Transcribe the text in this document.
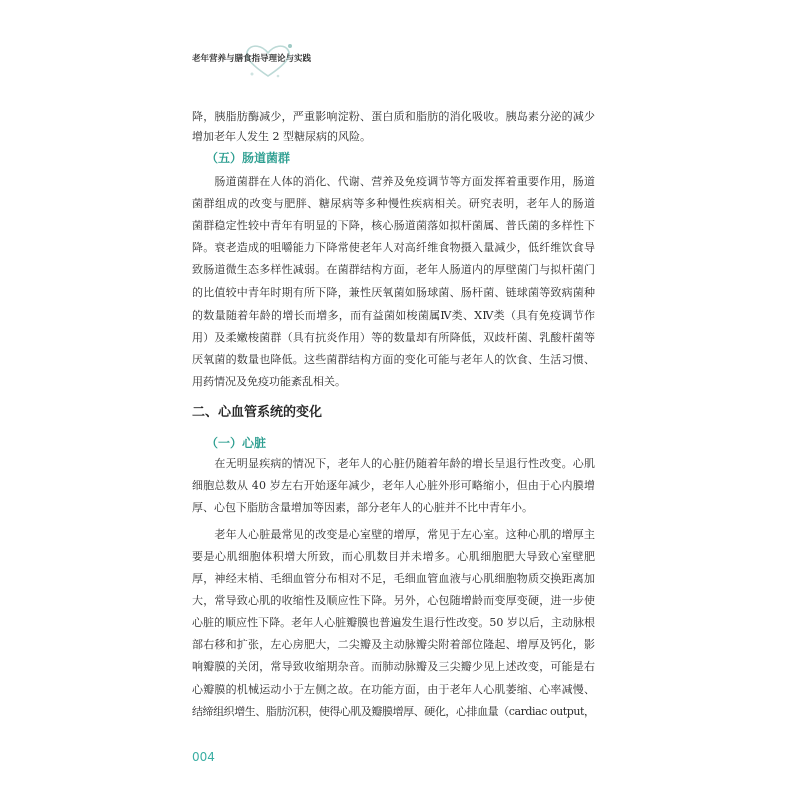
老年营养与膳食指导理论与实践
降，胰脂肪酶减少，严重影响淀粉、蛋白质和脂肪的消化吸收。胰岛素分泌的减少
增加老年人发生 2 型糖尿病的风险。
（五）肠道菌群
　　肠道菌群在人体的消化、代谢、营养及免疫调节等方面发挥着重要作用，肠道
菌群组成的改变与肥胖、糖尿病等多种慢性疾病相关。研究表明，老年人的肠道
菌群稳定性较中青年有明显的下降，核心肠道菌落如拟杆菌属、普氏菌的多样性下
降。衰老造成的咀嚼能力下降常使老年人对高纤维食物摄入量减少，低纤维饮食导
致肠道微生态多样性减弱。在菌群结构方面，老年人肠道内的厚壁菌门与拟杆菌门
的比值较中青年时期有所下降，兼性厌氧菌如肠球菌、肠杆菌、链球菌等致病菌种
的数量随着年龄的增长而增多，而有益菌如梭菌属Ⅳ类、XⅣ类（具有免疫调节作
用）及柔嫩梭菌群（具有抗炎作用）等的数量却有所降低，双歧杆菌、乳酸杆菌等
厌氧菌的数量也降低。这些菌群结构方面的变化可能与老年人的饮食、生活习惯、
用药情况及免疫功能紊乱相关。
二、心血管系统的变化
（一）心脏
　　在无明显疾病的情况下，老年人的心脏仍随着年龄的增长呈退行性改变。心肌
细胞总数从 40 岁左右开始逐年减少，老年人心脏外形可略缩小，但由于心内膜增
厚、心包下脂肪含量增加等因素，部分老年人的心脏并不比中青年小。
　　老年人心脏最常见的改变是心室壁的增厚，常见于左心室。这种心肌的增厚主
要是心肌细胞体积增大所致，而心肌数目并未增多。心肌细胞肥大导致心室壁肥
厚，神经末梢、毛细血管分布相对不足，毛细血管血液与心肌细胞物质交换距离加
大，常导致心肌的收缩性及顺应性下降。另外，心包随增龄而变厚变硬，进一步使
心脏的顺应性下降。老年人心脏瓣膜也普遍发生退行性改变。50 岁以后，主动脉根
部右移和扩张，左心房肥大，二尖瓣及主动脉瓣尖附着部位隆起、增厚及钙化，影
响瓣膜的关闭，常导致收缩期杂音。而肺动脉瓣及三尖瓣少见上述改变，可能是右
心瓣膜的机械运动小于左侧之故。在功能方面，由于老年人心肌萎缩、心率减慢、
结缔组织增生、脂肪沉积，使得心肌及瓣膜增厚、硬化，心排血量（cardiac output，
004
